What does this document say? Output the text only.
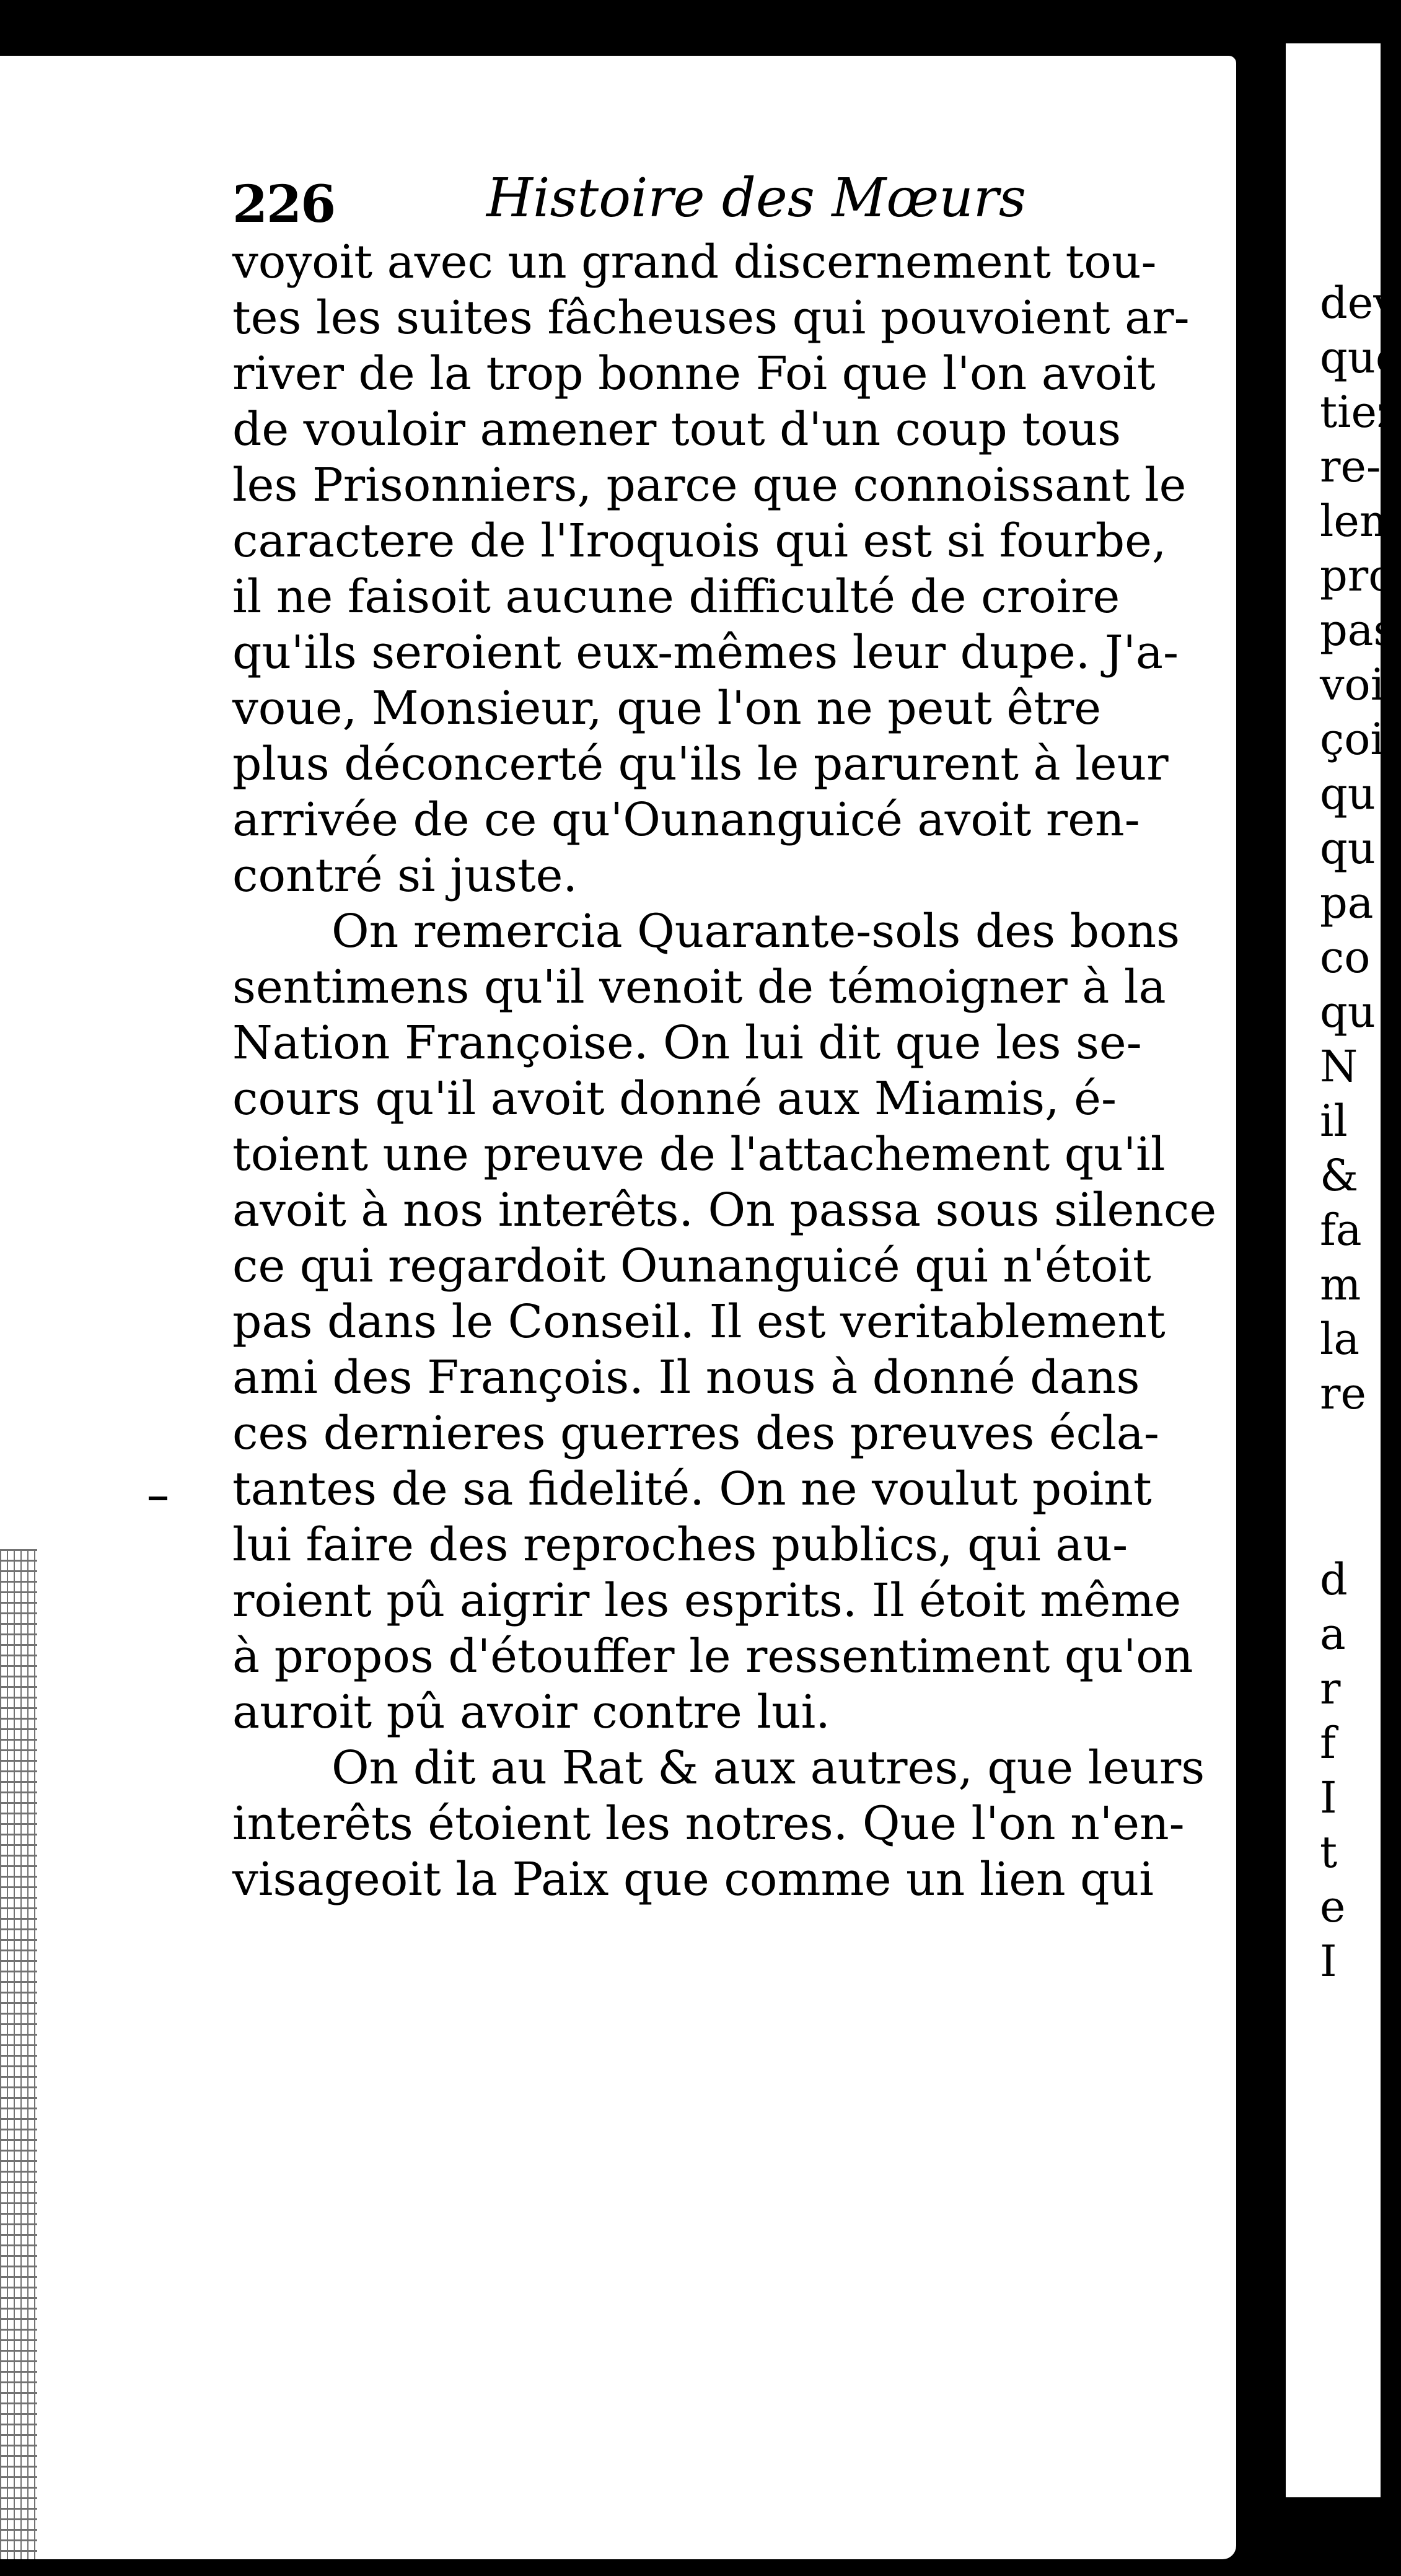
226	Histoire des Mœurs
voyoit avec un grand discernement tou-
tes les suites fâcheuses qui pouvoient ar-
river de la trop bonne Foi que l'on avoit
de vouloir amener tout d'un coup tous
les Prisonniers, parce que connoissant le
caractere de l'Iroquois qui est si fourbe,
il ne faisoit aucune difficulté de croire
qu'ils seroient eux-mêmes leur dupe. J'a-
voue, Monsieur, que l'on ne peut être
plus déconcerté qu'ils le parurent à leur
arrivée de ce qu'Ounanguicé avoit ren-
contré si juste.
On remercia Quarante-sols des bons
sentimens qu'il venoit de témoigner à la
Nation Françoise. On lui dit que les se-
cours qu'il avoit donné aux Miamis, é-
toient une preuve de l'attachement qu'il
avoit à nos interêts. On passa sous silence
ce qui regardoit Ounanguicé qui n'étoit
pas dans le Conseil. Il est veritablement
ami des François. Il nous à donné dans
ces dernieres guerres des preuves écla-
tantes de sa fidelité. On ne voulut point
lui faire des reproches publics, qui au-
roient pû aigrir les esprits. Il étoit même
à propos d'étouffer le ressentiment qu'on
auroit pû avoir contre lui.
On dit au Rat & aux autres, que leurs
interêts étoient les notres. Que l'on n'en-
visageoit la Paix que comme un lien qui
dev
que
tiez
re-
lem
pro
pas
voi
çoi
qu
qu
pa
co
qu
N
il
&
fa
m
la
re
d
a
r
f
I
t
e
I
